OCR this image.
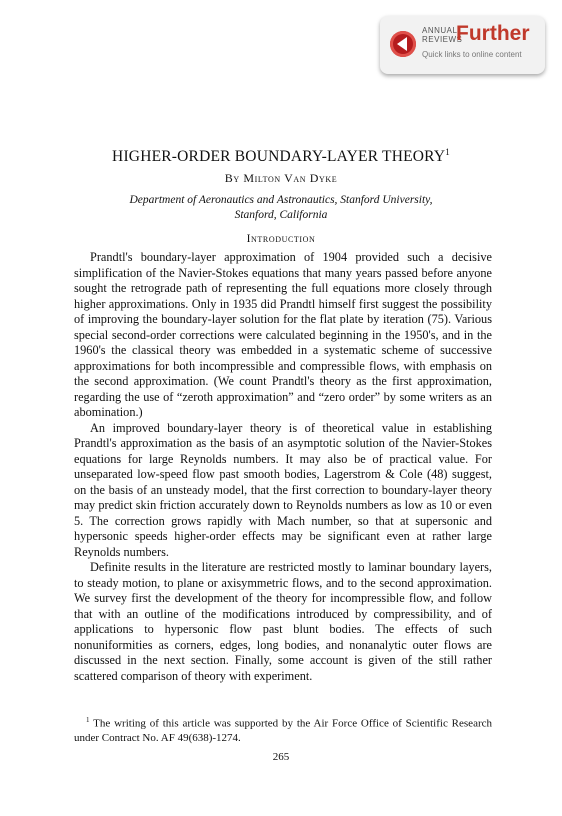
ANNUAL
REVIEWS
Further
Quick links to online content
HIGHER-ORDER BOUNDARY-LAYER THEORY$^1$
By Milton Van Dyke
Department of Aeronautics and Astronautics, Stanford University,
Stanford, California
Introduction

Prandtl's boundary-layer approximation of 1904 provided such a decisive simplification of the Navier-Stokes equations that many years passed before anyone sought the retrograde path of representing the full equations more closely through higher approximations. Only in 1935 did Prandtl himself first suggest the possibility of improving the boundary-layer solution for the flat plate by iteration (75). Various special second-order corrections were calculated beginning in the 1950's, and in the 1960's the classical theory was embedded in a systematic scheme of successive approximations for both incompressible and compressible flows, with emphasis on the second approximation. (We count Prandtl's theory as the first approximation, regarding the use of “zeroth approximation” and “zero order” by some writers as an abomination.)

An improved boundary-layer theory is of theoretical value in establishing Prandtl's approximation as the basis of an asymptotic solution of the Navier-Stokes equations for large Reynolds numbers. It may also be of practical value. For unseparated low-speed flow past smooth bodies, Lagerstrom & Cole (48) suggest, on the basis of an unsteady model, that the first correction to boundary-layer theory may predict skin friction accurately down to Reynolds numbers as low as 10 or even 5. The correction grows rapidly with Mach number, so that at supersonic and hypersonic speeds higher-order effects may be significant even at rather large Reynolds numbers.

Definite results in the literature are restricted mostly to laminar boundary layers, to steady motion, to plane or axisymmetric flows, and to the second approximation. We survey first the development of the theory for incompressible flow, and follow that with an outline of the modifications introduced by compressibility, and of applications to hypersonic flow past blunt bodies. The effects of such nonuniformities as corners, edges, long bodies, and nonanalytic outer flows are discussed in the next section. Finally, some account is given of the still rather scattered comparison of theory with experiment.

$^1$ The writing of this article was supported by the Air Force Office of Scientific Research under Contract No. AF 49(638)-1274.

265
